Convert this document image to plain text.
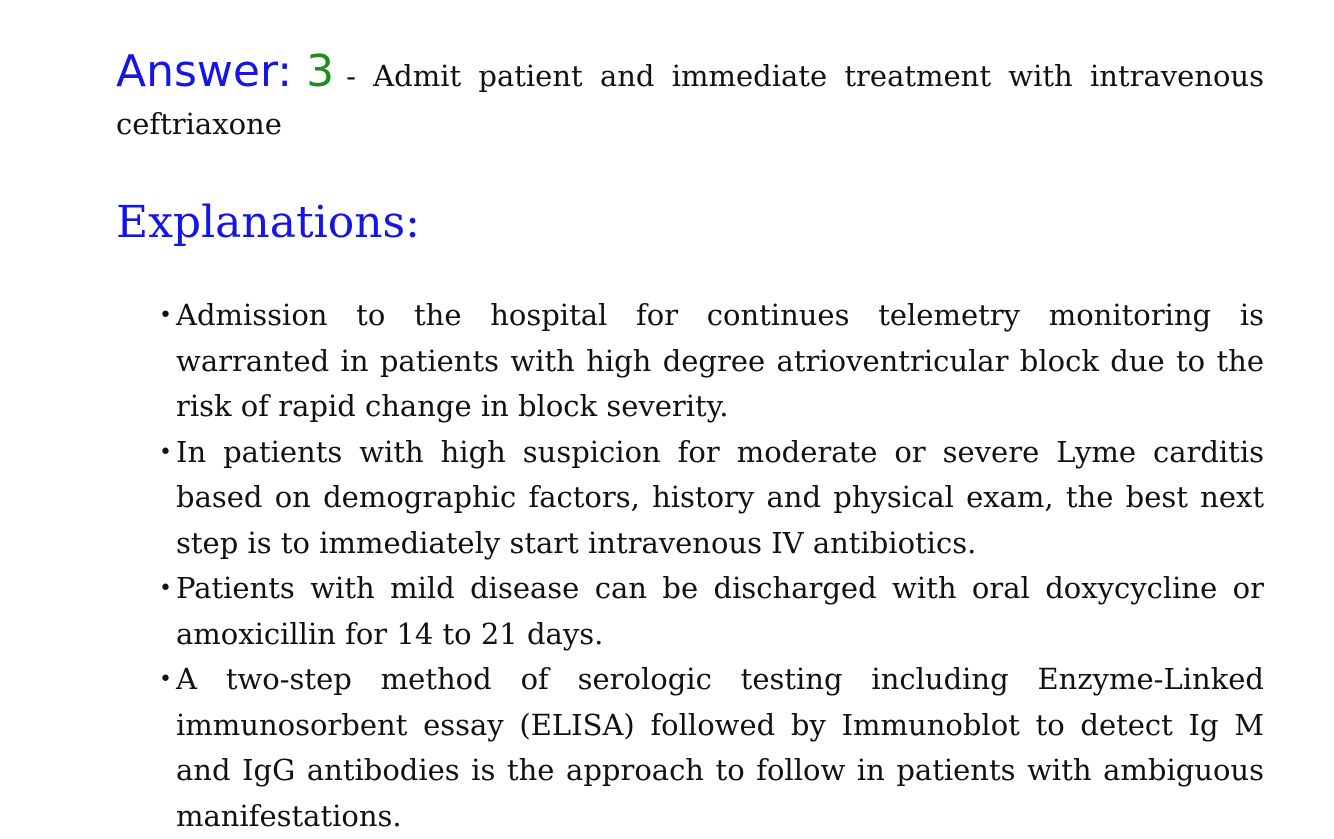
Answer: 3 - Admit patient and immediate treatment with intravenous ceftriaxone
Explanations:
• Admission to the hospital for continues telemetry monitoring is warranted in patients with high degree atrioventricular block due to the risk of rapid change in block severity.
• In patients with high suspicion for moderate or severe Lyme carditis based on demographic factors, history and physical exam, the best next step is to immediately start intravenous IV antibiotics.
• Patients with mild disease can be discharged with oral doxycycline or amoxicillin for 14 to 21 days.
• A two-step method of serologic testing including Enzyme-Linked immunosorbent essay (ELISA) followed by Immunoblot to detect Ig M and IgG antibodies is the approach to follow in patients with ambiguous manifestations.
